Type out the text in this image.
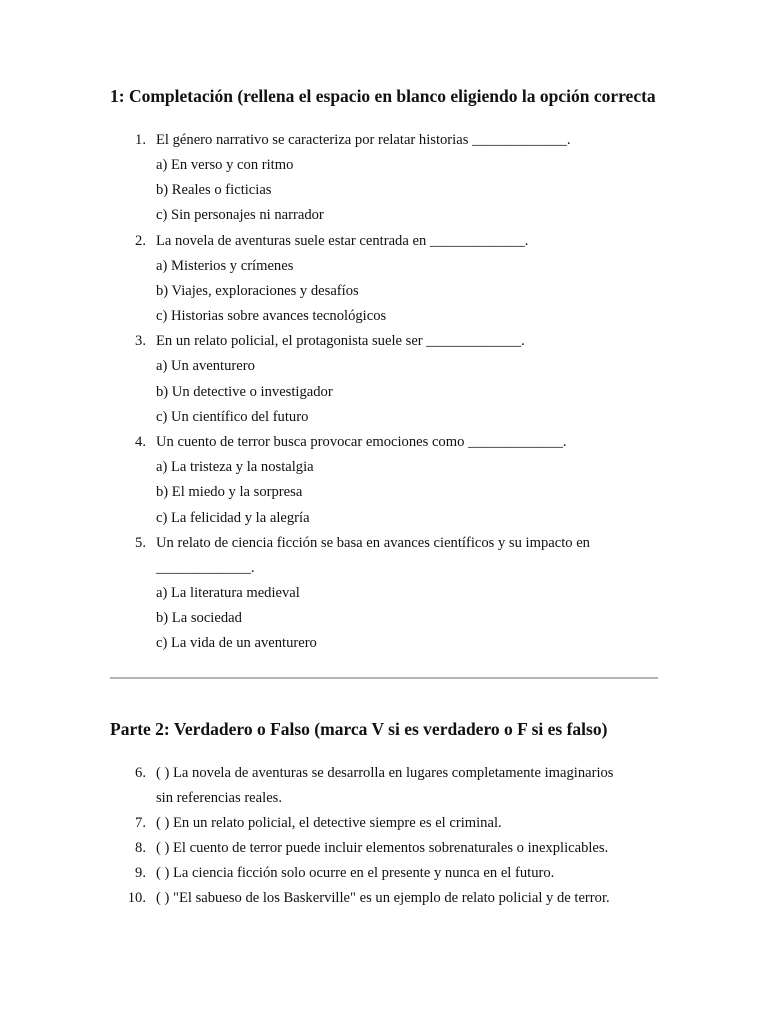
1: Completación (rellena el espacio en blanco eligiendo la opción correcta
1. El género narrativo se caracteriza por relatar historias _____________.
a) En verso y con ritmo
b) Reales o ficticias
c) Sin personajes ni narrador
2. La novela de aventuras suele estar centrada en _____________.
a) Misterios y crímenes
b) Viajes, exploraciones y desafíos
c) Historias sobre avances tecnológicos
3. En un relato policial, el protagonista suele ser _____________.
a) Un aventurero
b) Un detective o investigador
c) Un científico del futuro
4. Un cuento de terror busca provocar emociones como _____________.
a) La tristeza y la nostalgia
b) El miedo y la sorpresa
c) La felicidad y la alegría
5. Un relato de ciencia ficción se basa en avances científicos y su impacto en
_____________.
a) La literatura medieval
b) La sociedad
c) La vida de un aventurero
Parte 2: Verdadero o Falso (marca V si es verdadero o F si es falso)
6. ( ) La novela de aventuras se desarrolla en lugares completamente imaginarios
sin referencias reales.
7. ( ) En un relato policial, el detective siempre es el criminal.
8. ( ) El cuento de terror puede incluir elementos sobrenaturales o inexplicables.
9. ( ) La ciencia ficción solo ocurre en el presente y nunca en el futuro.
10. ( ) "El sabueso de los Baskerville" es un ejemplo de relato policial y de terror.
